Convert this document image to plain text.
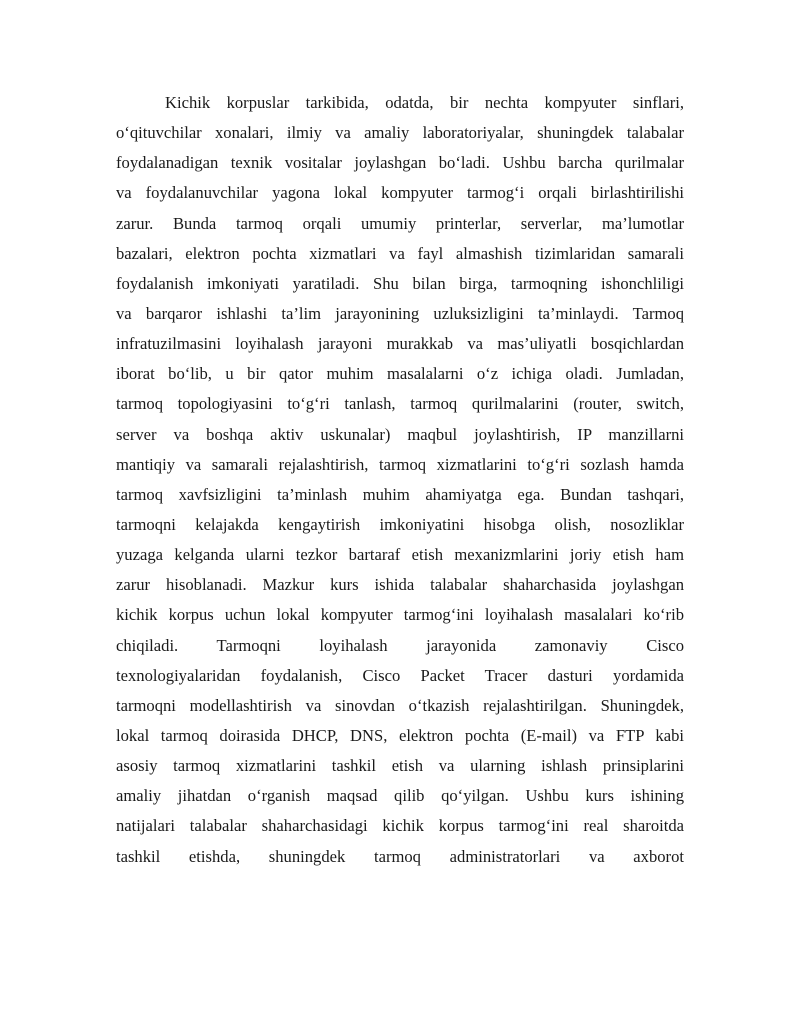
Kichik korpuslar tarkibida, odatda, bir nechta kompyuter sinflari,
o‘qituvchilar xonalari, ilmiy va amaliy laboratoriyalar, shuningdek talabalar
foydalanadigan texnik vositalar joylashgan bo‘ladi. Ushbu barcha qurilmalar
va foydalanuvchilar yagona lokal kompyuter tarmog‘i orqali birlashtirilishi
zarur. Bunda tarmoq orqali umumiy printerlar, serverlar, ma’lumotlar
bazalari, elektron pochta xizmatlari va fayl almashish tizimlaridan samarali
foydalanish imkoniyati yaratiladi. Shu bilan birga, tarmoqning ishonchliligi
va barqaror ishlashi ta’lim jarayonining uzluksizligini ta’minlaydi. Tarmoq
infratuzilmasini loyihalash jarayoni murakkab va mas’uliyatli bosqichlardan
iborat bo‘lib, u bir qator muhim masalalarni o‘z ichiga oladi. Jumladan,
tarmoq topologiyasini to‘g‘ri tanlash, tarmoq qurilmalarini (router, switch,
server va boshqa aktiv uskunalar) maqbul joylashtirish, IP manzillarni
mantiqiy va samarali rejalashtirish, tarmoq xizmatlarini to‘g‘ri sozlash hamda
tarmoq xavfsizligini ta’minlash muhim ahamiyatga ega. Bundan tashqari,
tarmoqni kelajakda kengaytirish imkoniyatini hisobga olish, nosozliklar
yuzaga kelganda ularni tezkor bartaraf etish mexanizmlarini joriy etish ham
zarur hisoblanadi. Mazkur kurs ishida talabalar shaharchasida joylashgan
kichik korpus uchun lokal kompyuter tarmog‘ini loyihalash masalalari ko‘rib
chiqiladi. Tarmoqni loyihalash jarayonida zamonaviy Cisco
texnologiyalaridan foydalanish, Cisco Packet Tracer dasturi yordamida
tarmoqni modellashtirish va sinovdan o‘tkazish rejalashtirilgan. Shuningdek,
lokal tarmoq doirasida DHCP, DNS, elektron pochta (E-mail) va FTP kabi
asosiy tarmoq xizmatlarini tashkil etish va ularning ishlash prinsiplarini
amaliy jihatdan o‘rganish maqsad qilib qo‘yilgan. Ushbu kurs ishining
natijalari talabalar shaharchasidagi kichik korpus tarmog‘ini real sharoitda
tashkil etishda, shuningdek tarmoq administratorlari va axborot
